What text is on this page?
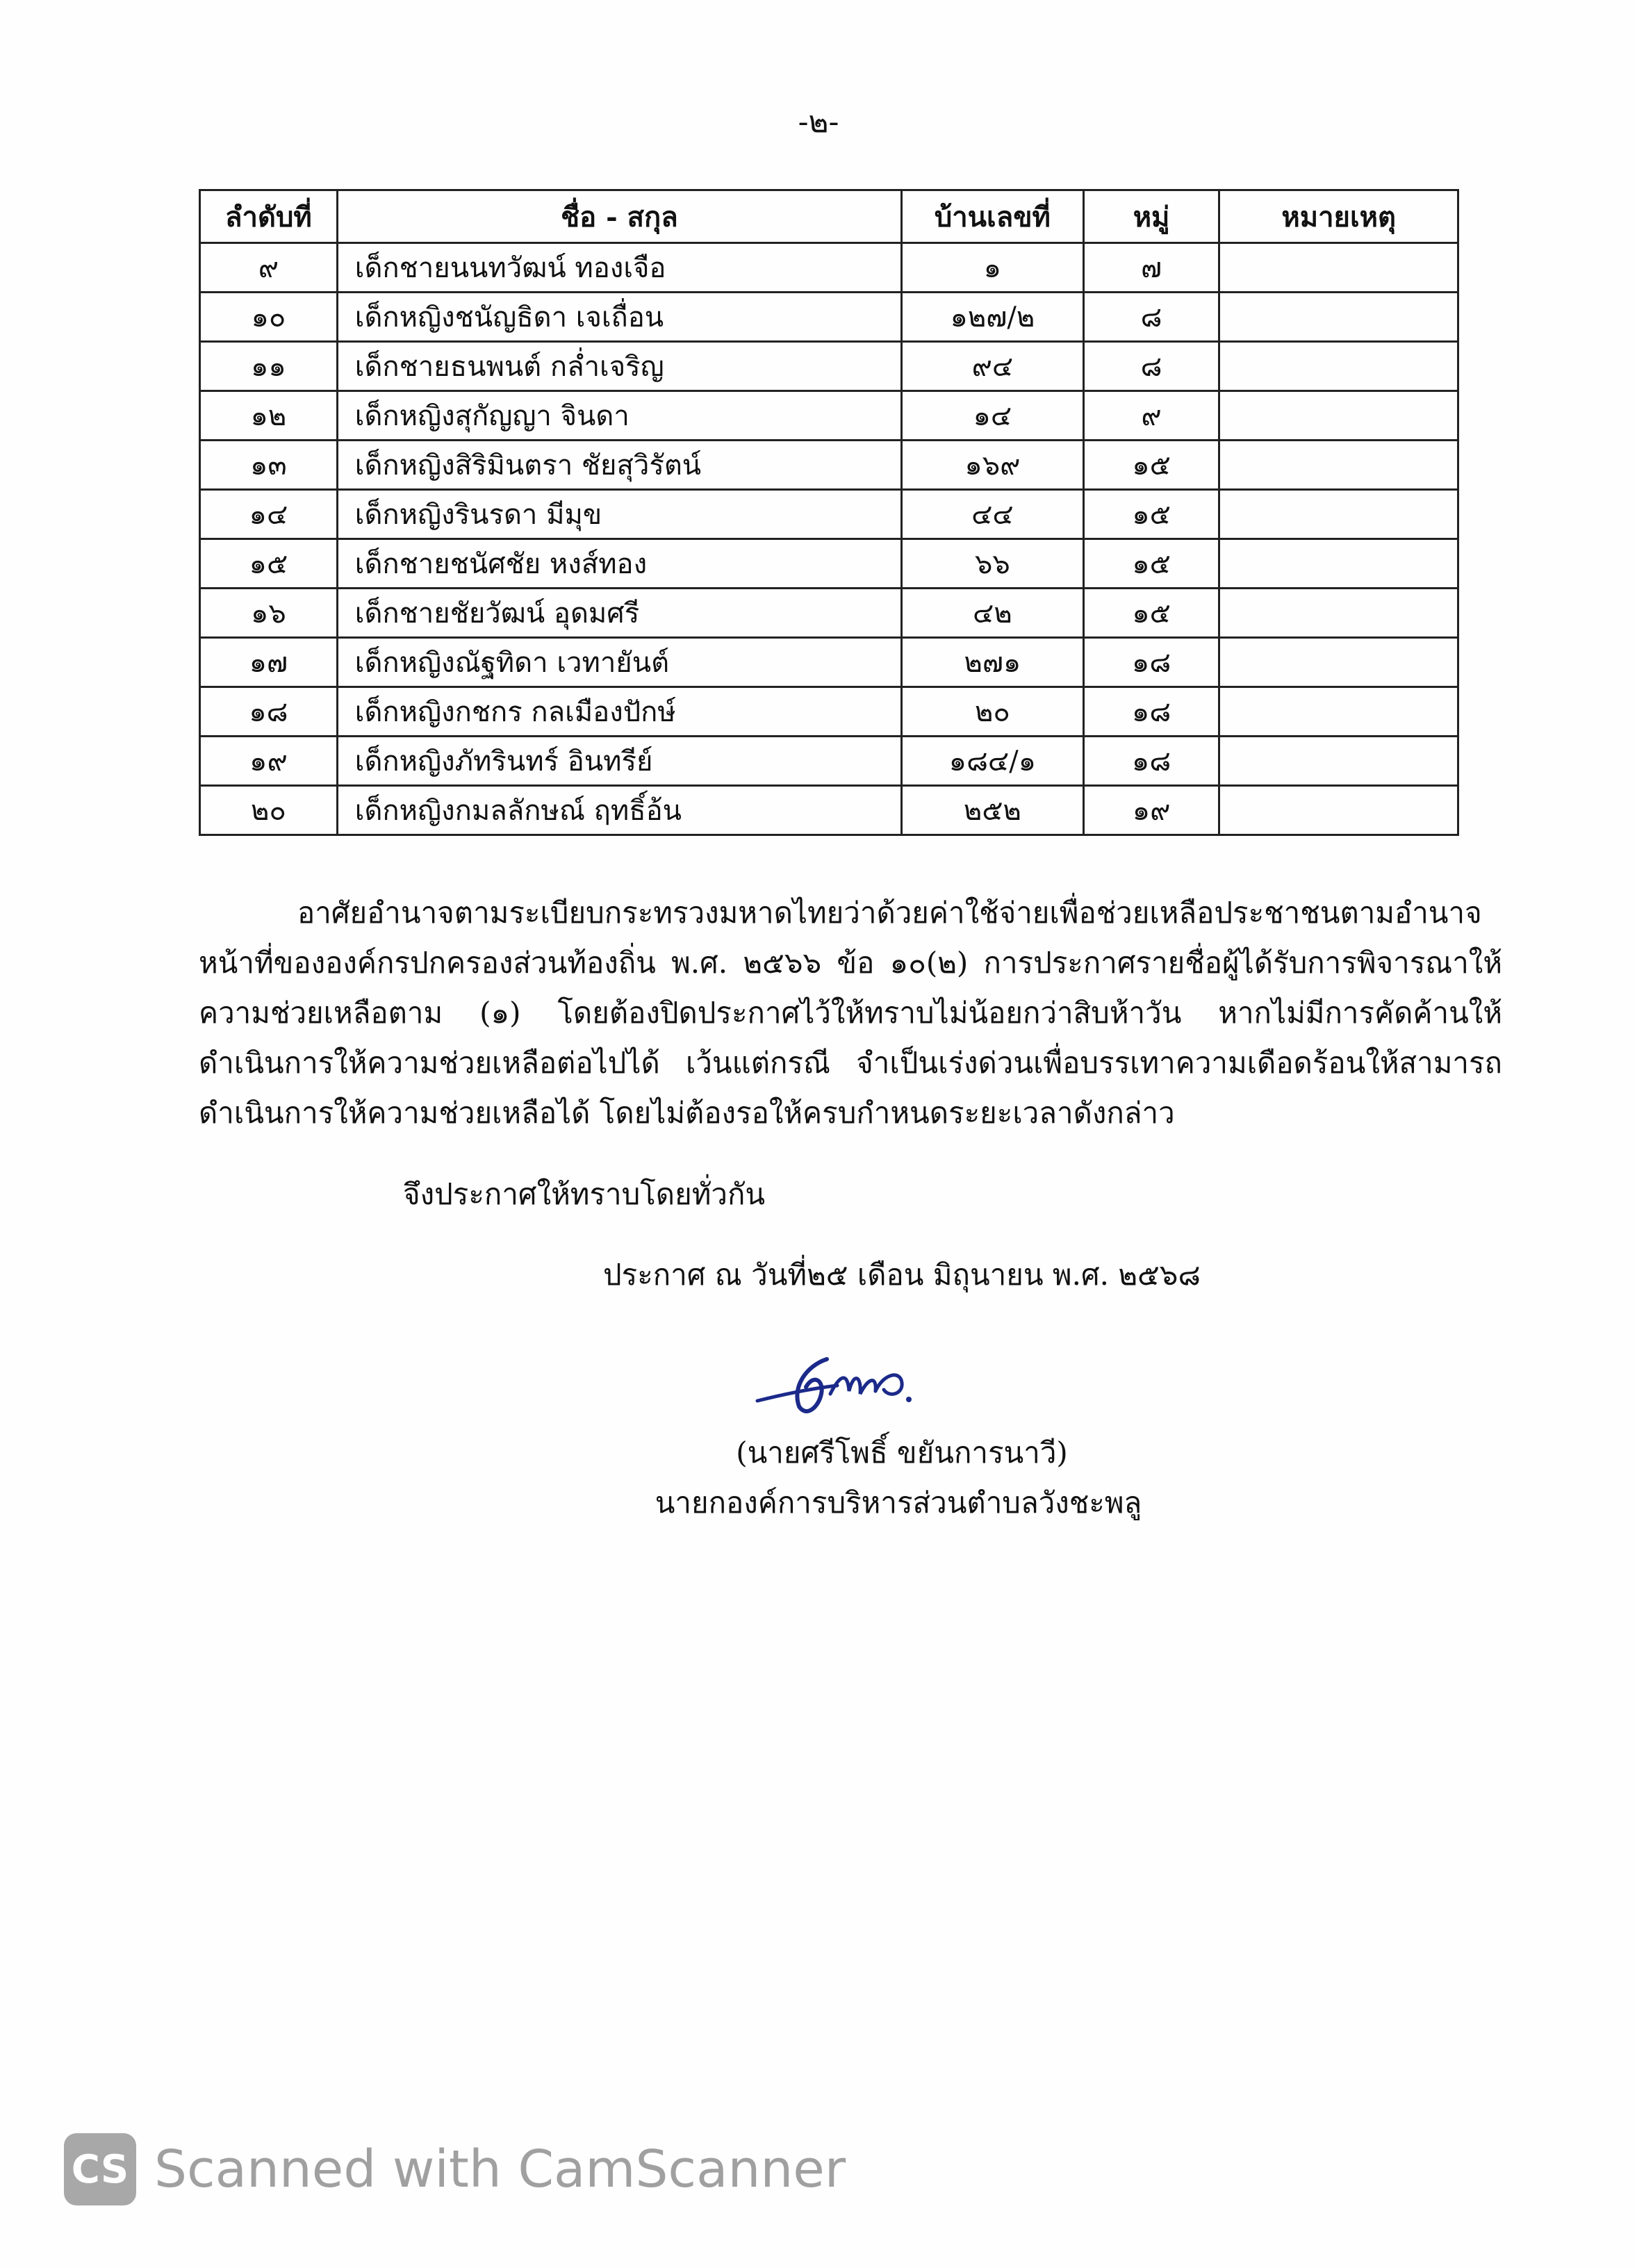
-๒-
ลำดับที่	ชื่อ - สกุล	บ้านเลขที่	หมู่	หมายเหตุ
๙	เด็กชายนนทวัฒน์ ทองเจือ	๑	๗	
๑๐	เด็กหญิงชนัญธิดา เจเถื่อน	๑๒๗/๒	๘	
๑๑	เด็กชายธนพนต์ กล่ำเจริญ	๙๔	๘	
๑๒	เด็กหญิงสุกัญญา จินดา	๑๔	๙	
๑๓	เด็กหญิงสิริมินตรา ชัยสุวิรัตน์	๑๖๙	๑๕	
๑๔	เด็กหญิงรินรดา มีมุข	๔๔	๑๕	
๑๕	เด็กชายชนัศชัย หงส์ทอง	๖๖	๑๕	
๑๖	เด็กชายชัยวัฒน์ อุดมศรี	๔๒	๑๕	
๑๗	เด็กหญิงณัฐทิดา เวทายันต์	๒๗๑	๑๘	
๑๘	เด็กหญิงกชกร กลเมืองปักษ์	๒๐	๑๘	
๑๙	เด็กหญิงภัทรินทร์ อินทรีย์	๑๘๔/๑	๑๘	
๒๐	เด็กหญิงกมลลักษณ์ ฤทธิ์อ้น	๒๕๒	๑๙	
อาศัยอำนาจตามระเบียบกระทรวงมหาดไทยว่าด้วยค่าใช้จ่ายเพื่อช่วยเหลือประชาชนตามอำนาจหน้าที่ขององค์กรปกครองส่วนท้องถิ่น พ.ศ. ๒๕๖๖ ข้อ ๑๐(๒) การประกาศรายชื่อผู้ได้รับการพิจารณาให้ความช่วยเหลือตาม (๑) โดยต้องปิดประกาศไว้ให้ทราบไม่น้อยกว่าสิบห้าวัน หากไม่มีการคัดค้านให้ดำเนินการให้ความช่วยเหลือต่อไปได้ เว้นแต่กรณี จำเป็นเร่งด่วนเพื่อบรรเทาความเดือดร้อนให้สามารถดำเนินการให้ความช่วยเหลือได้ โดยไม่ต้องรอให้ครบกำหนดระยะเวลาดังกล่าว
จึงประกาศให้ทราบโดยทั่วกัน
ประกาศ ณ วันที่๒๕ เดือน มิถุนายน พ.ศ. ๒๕๖๘
(นายศรีโพธิ์ ขยันการนาวี)
นายกองค์การบริหารส่วนตำบลวังชะพลู
CS Scanned with CamScanner
